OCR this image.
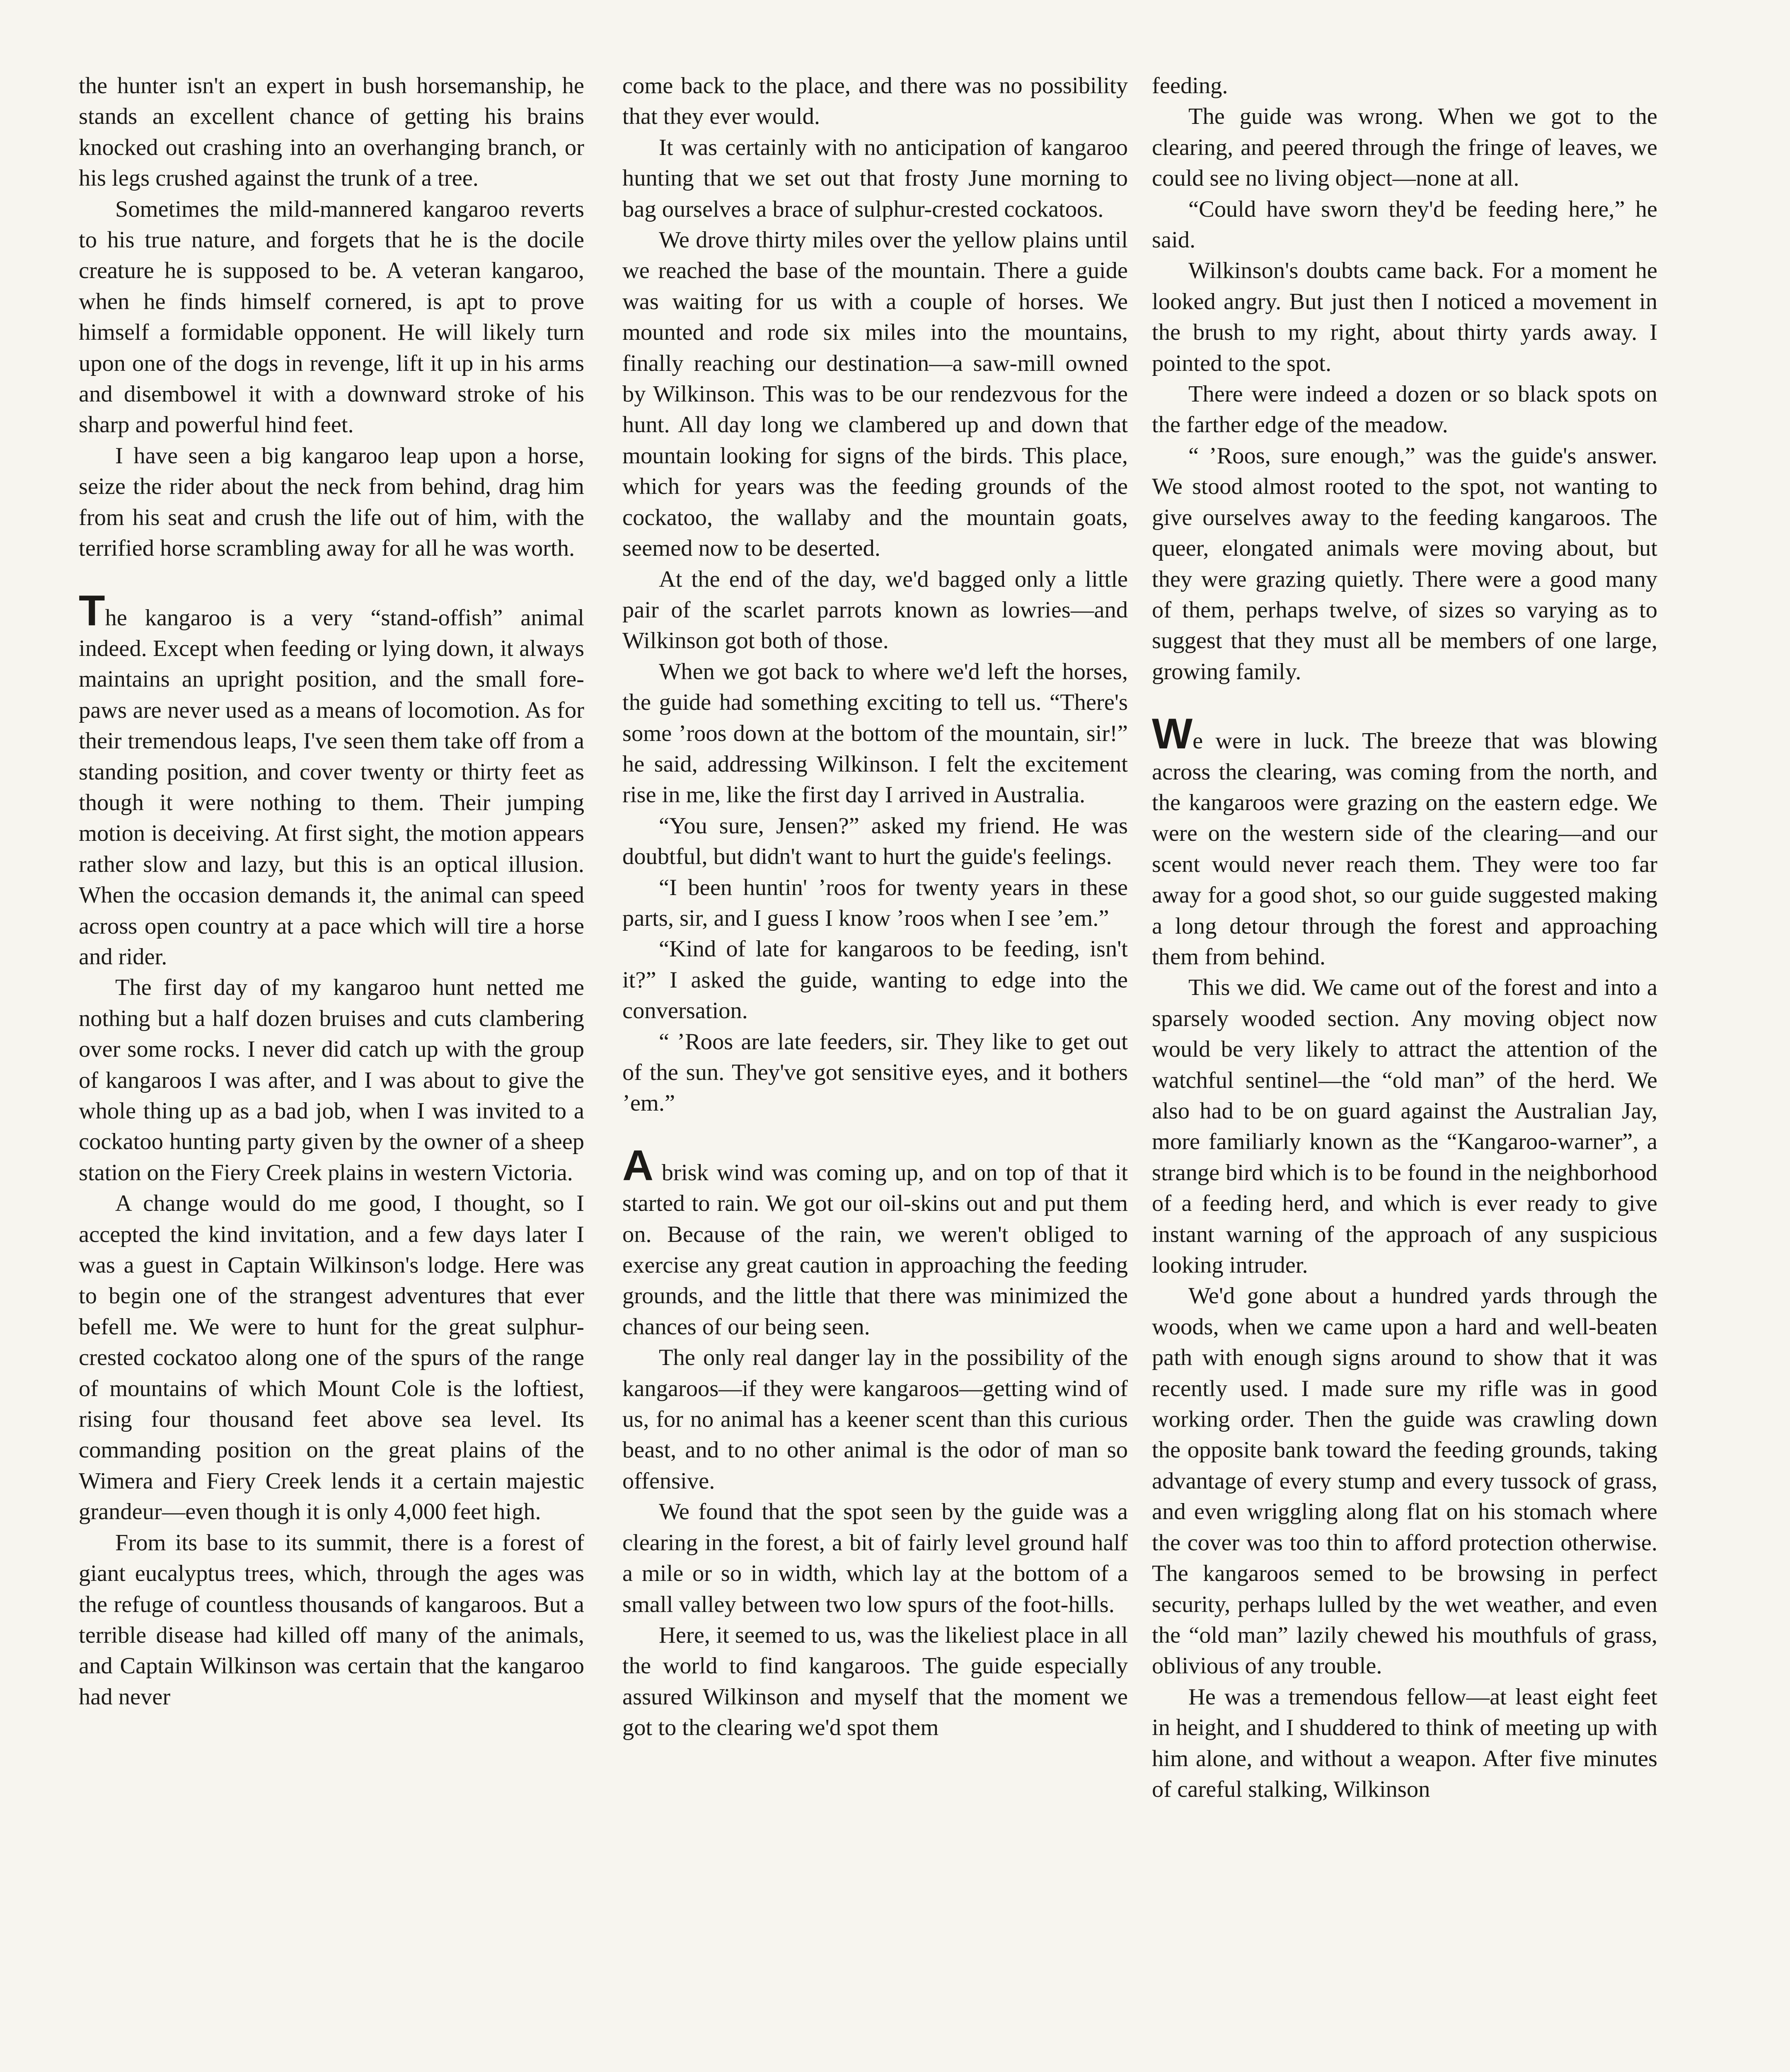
the hunter isn't an expert in bush horsemanship, he stands an excellent chance of getting his brains knocked out crashing into an overhanging branch, or his legs crushed against the trunk of a tree.

Sometimes the mild-mannered kangaroo reverts to his true nature, and forgets that he is the docile creature he is supposed to be. A veteran kangaroo, when he finds himself cornered, is apt to prove himself a formidable opponent. He will likely turn upon one of the dogs in revenge, lift it up in his arms and disembowel it with a downward stroke of his sharp and powerful hind feet.

I have seen a big kangaroo leap upon a horse, seize the rider about the neck from behind, drag him from his seat and crush the life out of him, with the terrified horse scrambling away for all he was worth.

The kangaroo is a very “stand-offish” animal indeed. Except when feeding or lying down, it always maintains an upright position, and the small fore-paws are never used as a means of locomotion. As for their tremendous leaps, I've seen them take off from a standing position, and cover twenty or thirty feet as though it were nothing to them. Their jumping motion is deceiving. At first sight, the motion appears rather slow and lazy, but this is an optical illusion. When the occasion demands it, the animal can speed across open country at a pace which will tire a horse and rider.

The first day of my kangaroo hunt netted me nothing but a half dozen bruises and cuts clambering over some rocks. I never did catch up with the group of kangaroos I was after, and I was about to give the whole thing up as a bad job, when I was invited to a cockatoo hunting party given by the owner of a sheep station on the Fiery Creek plains in western Victoria.

A change would do me good, I thought, so I accepted the kind invitation, and a few days later I was a guest in Captain Wilkinson's lodge. Here was to begin one of the strangest adventures that ever befell me. We were to hunt for the great sulphur-crested cockatoo along one of the spurs of the range of mountains of which Mount Cole is the loftiest, rising four thousand feet above sea level. Its commanding position on the great plains of the Wimera and Fiery Creek lends it a certain majestic grandeur—even though it is only 4,000 feet high.

From its base to its summit, there is a forest of giant eucalyptus trees, which, through the ages was the refuge of countless thousands of kangaroos. But a terrible disease had killed off many of the animals, and Captain Wilkinson was certain that the kangaroo had never

come back to the place, and there was no possibility that they ever would.

It was certainly with no anticipation of kangaroo hunting that we set out that frosty June morning to bag ourselves a brace of sulphur-crested cockatoos.

We drove thirty miles over the yellow plains until we reached the base of the mountain. There a guide was waiting for us with a couple of horses. We mounted and rode six miles into the mountains, finally reaching our destination—a saw-mill owned by Wilkinson. This was to be our rendezvous for the hunt. All day long we clambered up and down that mountain looking for signs of the birds. This place, which for years was the feeding grounds of the cockatoo, the wallaby and the mountain goats, seemed now to be deserted.

At the end of the day, we'd bagged only a little pair of the scarlet parrots known as lowries—and Wilkinson got both of those.

When we got back to where we'd left the horses, the guide had something exciting to tell us. “There's some ’roos down at the bottom of the mountain, sir!” he said, addressing Wilkinson. I felt the excitement rise in me, like the first day I arrived in Australia.

“You sure, Jensen?” asked my friend. He was doubtful, but didn't want to hurt the guide's feelings.

“I been huntin' ’roos for twenty years in these parts, sir, and I guess I know ’roos when I see ’em.”

“Kind of late for kangaroos to be feeding, isn't it?” I asked the guide, wanting to edge into the conversation.

“ ’Roos are late feeders, sir. They like to get out of the sun. They've got sensitive eyes, and it bothers ’em.”

A brisk wind was coming up, and on top of that it started to rain. We got our oil-skins out and put them on. Because of the rain, we weren't obliged to exercise any great caution in approaching the feeding grounds, and the little that there was minimized the chances of our being seen.

The only real danger lay in the possibility of the kangaroos—if they were kangaroos—getting wind of us, for no animal has a keener scent than this curious beast, and to no other animal is the odor of man so offensive.

We found that the spot seen by the guide was a clearing in the forest, a bit of fairly level ground half a mile or so in width, which lay at the bottom of a small valley between two low spurs of the foot-hills.

Here, it seemed to us, was the likeliest place in all the world to find kangaroos. The guide especially assured Wilkinson and myself that the moment we got to the clearing we'd spot them

feeding.

The guide was wrong. When we got to the clearing, and peered through the fringe of leaves, we could see no living object—none at all.

“Could have sworn they'd be feeding here,” he said.

Wilkinson's doubts came back. For a moment he looked angry. But just then I noticed a movement in the brush to my right, about thirty yards away. I pointed to the spot.

There were indeed a dozen or so black spots on the farther edge of the meadow.

“ ’Roos, sure enough,” was the guide's answer. We stood almost rooted to the spot, not wanting to give ourselves away to the feeding kangaroos. The queer, elongated animals were moving about, but they were grazing quietly. There were a good many of them, perhaps twelve, of sizes so varying as to suggest that they must all be members of one large, growing family.

We were in luck. The breeze that was blowing across the clearing, was coming from the north, and the kangaroos were grazing on the eastern edge. We were on the western side of the clearing—and our scent would never reach them. They were too far away for a good shot, so our guide suggested making a long detour through the forest and approaching them from behind.

This we did. We came out of the forest and into a sparsely wooded section. Any moving object now would be very likely to attract the attention of the watchful sentinel—the “old man” of the herd. We also had to be on guard against the Australian Jay, more familiarly known as the “Kangaroo-warner”, a strange bird which is to be found in the neighborhood of a feeding herd, and which is ever ready to give instant warning of the approach of any suspicious looking intruder.

We'd gone about a hundred yards through the woods, when we came upon a hard and well-beaten path with enough signs around to show that it was recently used. I made sure my rifle was in good working order. Then the guide was crawling down the opposite bank toward the feeding grounds, taking advantage of every stump and every tussock of grass, and even wriggling along flat on his stomach where the cover was too thin to afford protection otherwise. The kangaroos semed to be browsing in perfect security, perhaps lulled by the wet weather, and even the “old man” lazily chewed his mouthfuls of grass, oblivious of any trouble.

He was a tremendous fellow—at least eight feet in height, and I shuddered to think of meeting up with him alone, and without a weapon. After five minutes of careful stalking, Wilkinson
